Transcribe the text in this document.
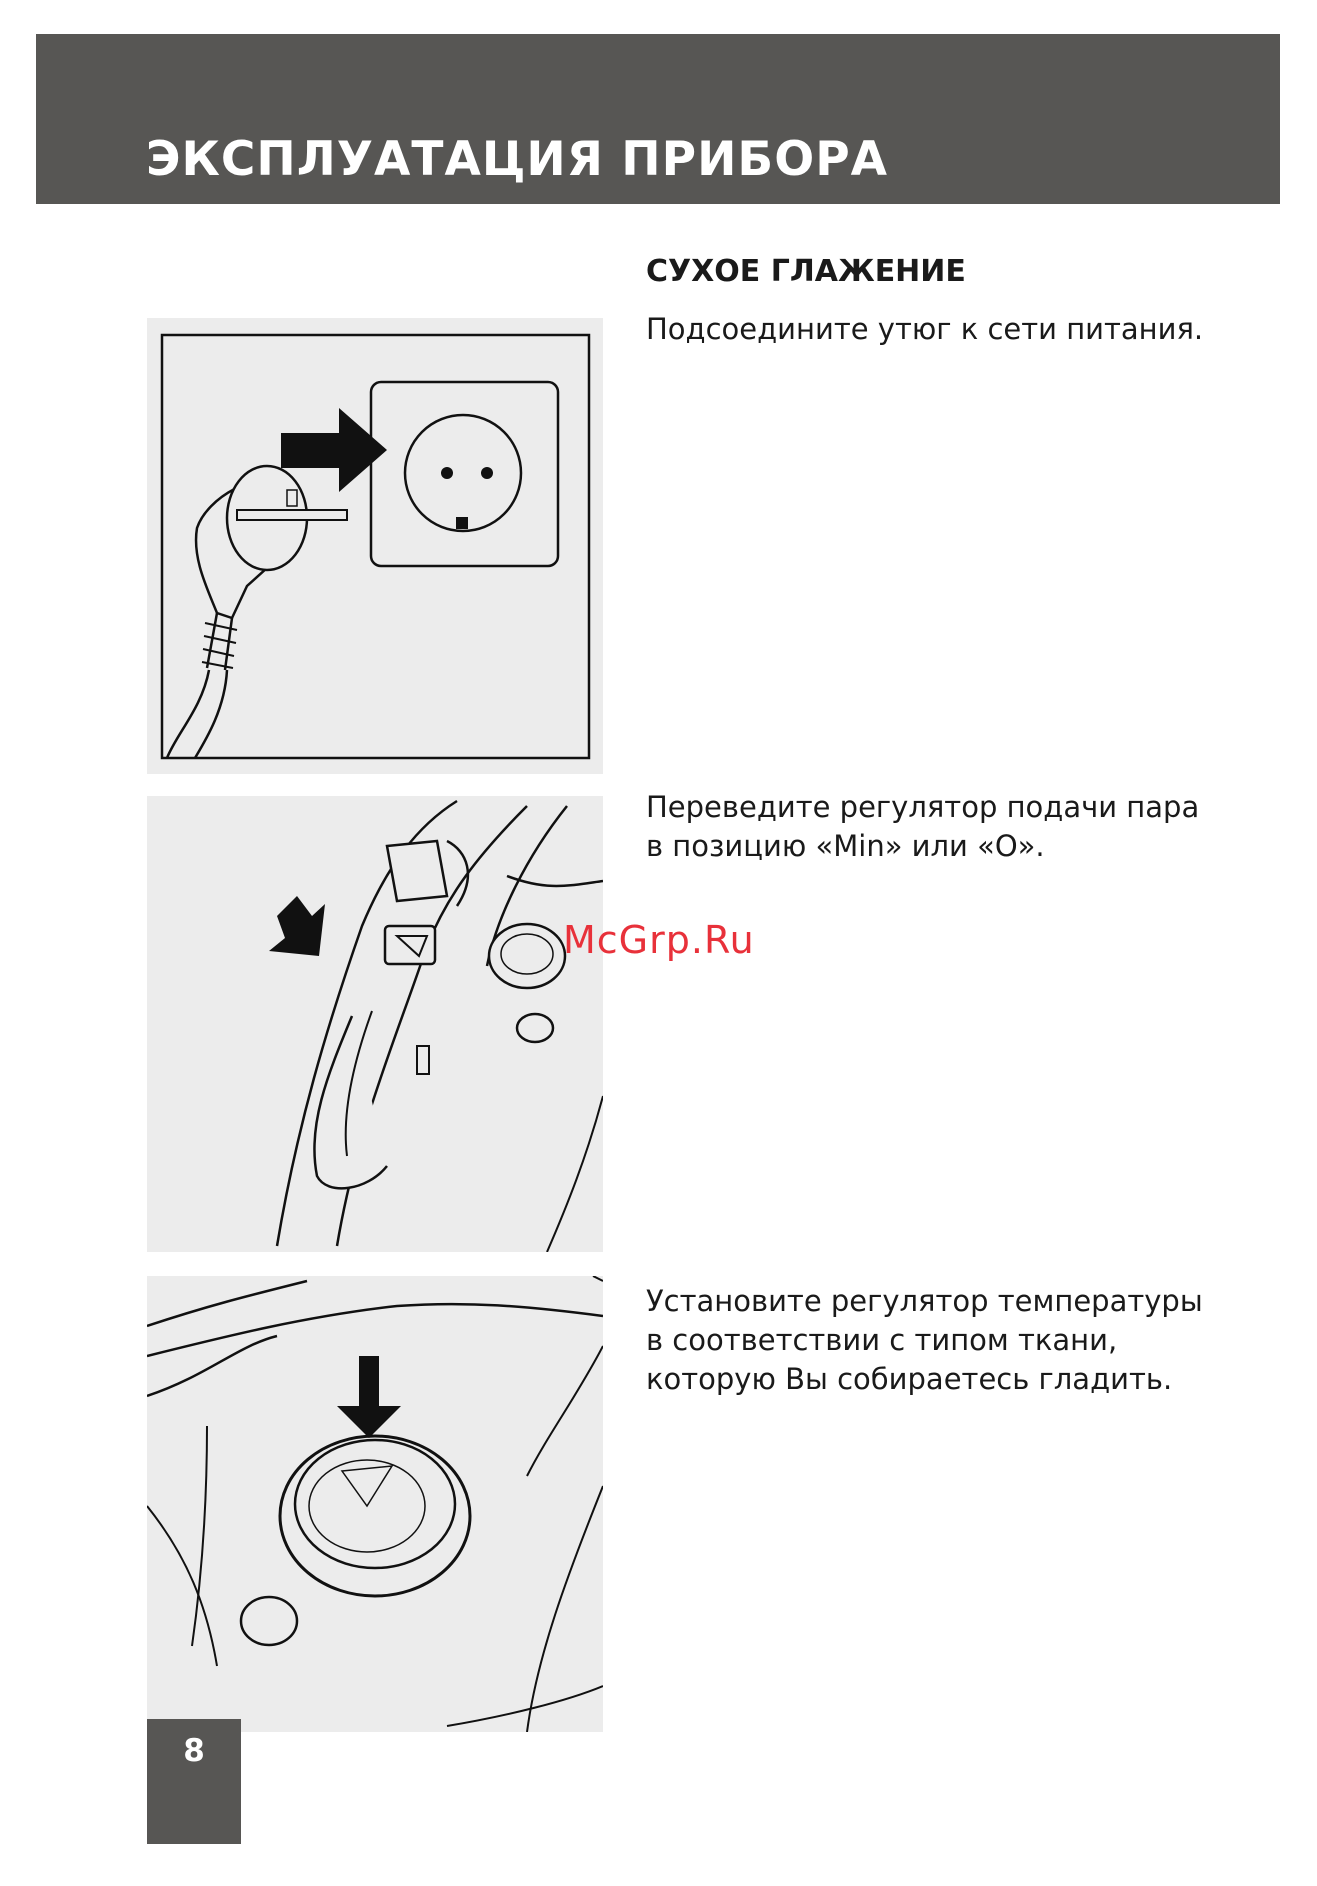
ЭКСПЛУАТАЦИЯ ПРИБОРА
СУХОЕ ГЛАЖЕНИЕ
Подсоедините утюг к сети питания.
Переведите регулятор подачи пара
в позицию «Min» или «O».
McGrp.Ru
Установите регулятор температуры
в соответствии с типом ткани,
которую Вы собираетесь гладить.
8
